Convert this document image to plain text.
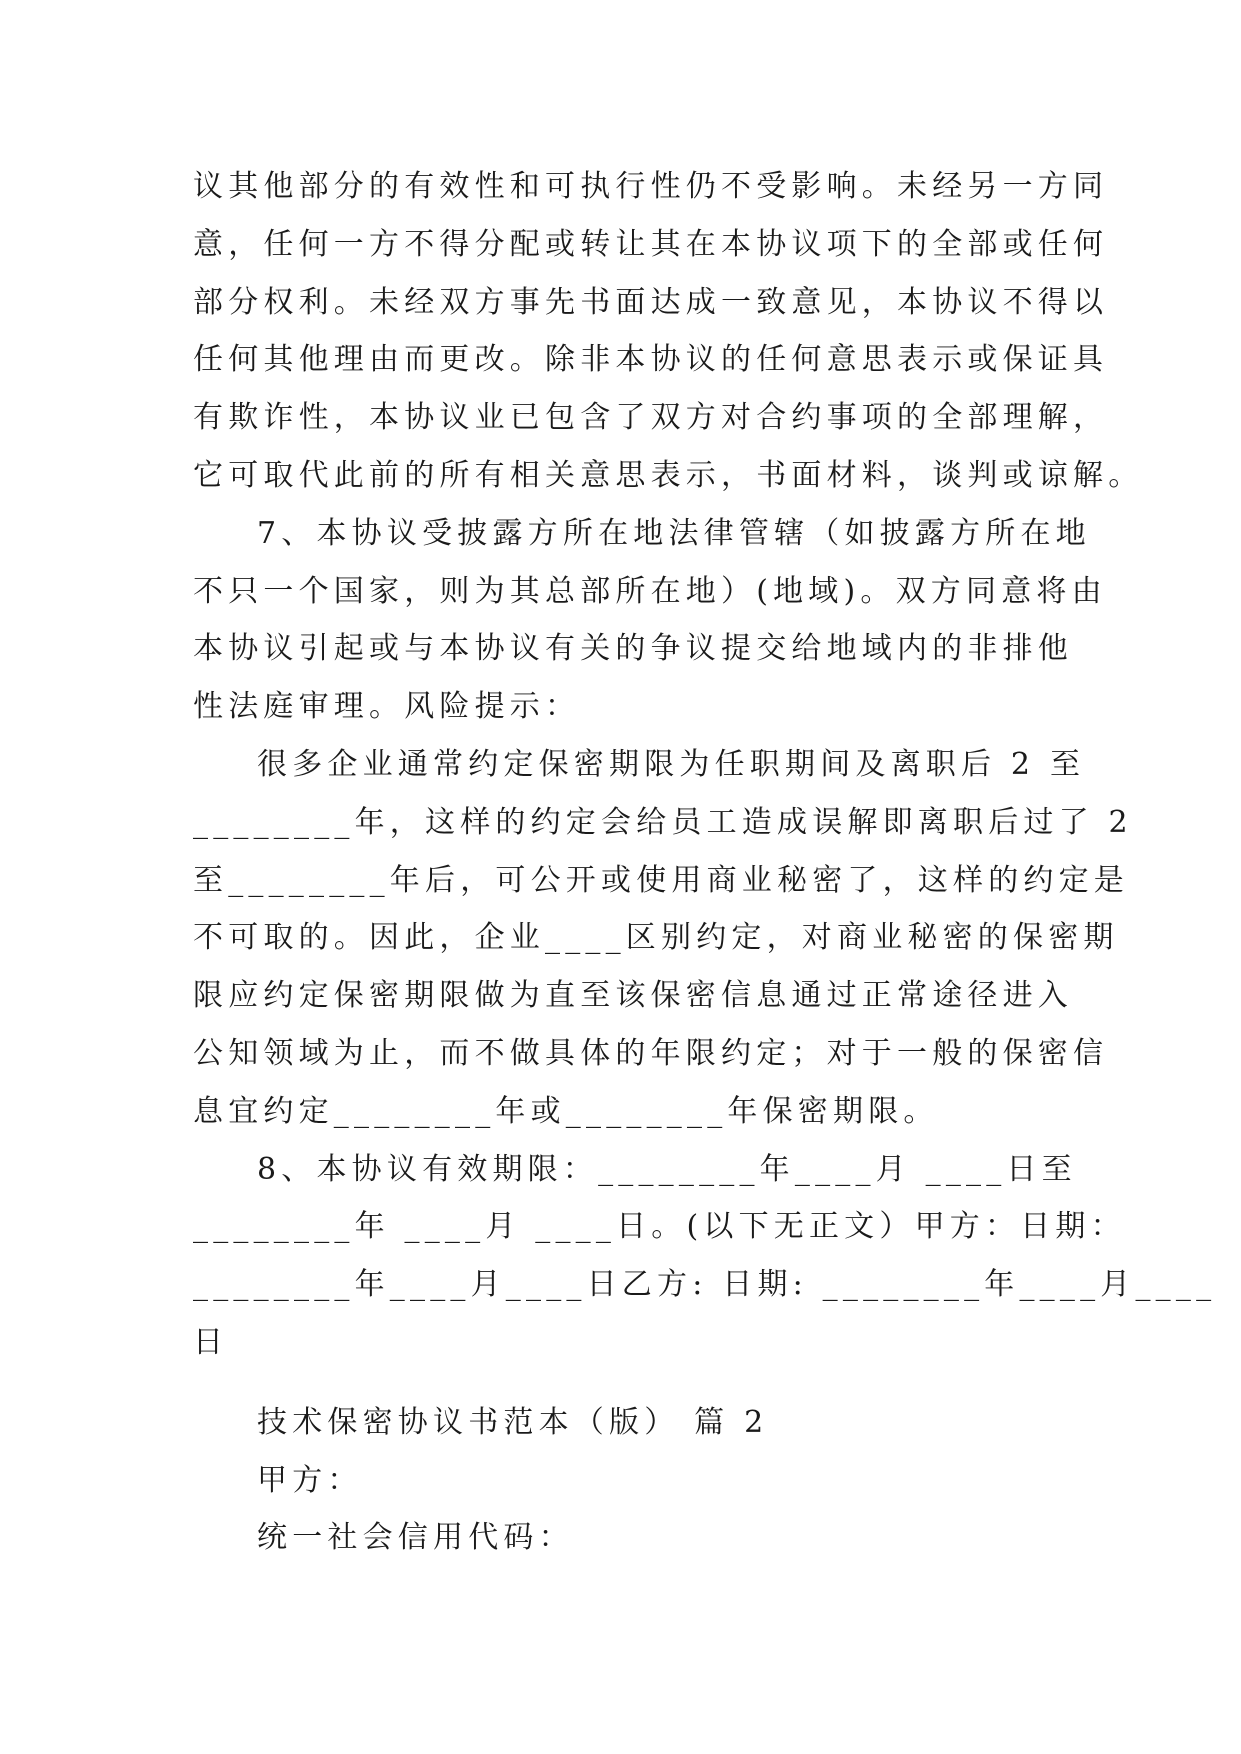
议其他部分的有效性和可执行性仍不受影响。未经另一方同
意，任何一方不得分配或转让其在本协议项下的全部或任何
部分权利。未经双方事先书面达成一致意见，本协议不得以
任何其他理由而更改。除非本协议的任何意思表示或保证具
有欺诈性，本协议业已包含了双方对合约事项的全部理解，
它可取代此前的所有相关意思表示，书面材料，谈判或谅解。
7、本协议受披露方所在地法律管辖（如披露方所在地
不只一个国家，则为其总部所在地）(地域)。双方同意将由
本协议引起或与本协议有关的争议提交给地域内的非排他
性法庭审理。风险提示：
很多企业通常约定保密期限为任职期间及离职后 2 至
________年，这样的约定会给员工造成误解即离职后过了 2
至________年后，可公开或使用商业秘密了，这样的约定是
不可取的。因此，企业____区别约定，对商业秘密的保密期
限应约定保密期限做为直至该保密信息通过正常途径进入
公知领域为止，而不做具体的年限约定；对于一般的保密信
息宜约定________年或________年保密期限。
8、本协议有效期限：________年____月 ____日至
________年 ____月 ____日。(以下无正文）甲方：日期：
________年____月____日乙方: 日期: ________年____月____
日
技术保密协议书范本（版） 篇 2
甲方：
统一社会信用代码：
